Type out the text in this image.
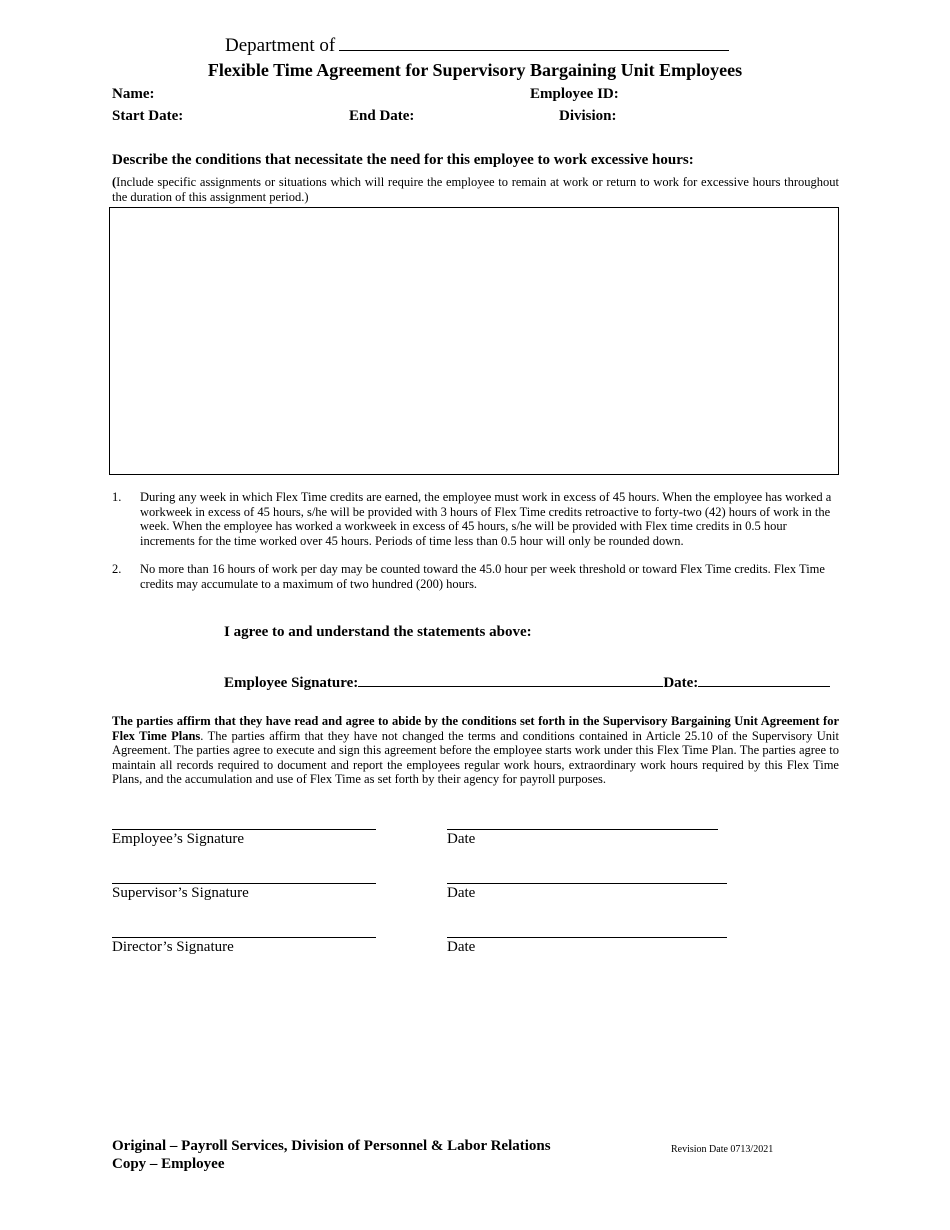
Department of
Flexible Time Agreement for Supervisory Bargaining Unit Employees
Name:	Employee ID:
Start Date:	End Date:	Division:
Describe the conditions that necessitate the need for this employee to work excessive hours:
(Include specific assignments or situations which will require the employee to remain at work or return to work for excessive hours throughout the duration of this assignment period.)
1. During any week in which Flex Time credits are earned, the employee must work in excess of 45 hours. When the employee has worked a workweek in excess of 45 hours, s/he will be provided with 3 hours of Flex Time credits retroactive to forty-two (42) hours of work in the week. When the employee has worked a workweek in excess of 45 hours, s/he will be provided with Flex time credits in 0.5 hour increments for the time worked over 45 hours. Periods of time less than 0.5 hour will only be rounded down.
2. No more than 16 hours of work per day may be counted toward the 45.0 hour per week threshold or toward Flex Time credits. Flex Time credits may accumulate to a maximum of two hundred (200) hours.
I agree to and understand the statements above:
Employee Signature:	Date:
The parties affirm that they have read and agree to abide by the conditions set forth in the Supervisory Bargaining Unit Agreement for Flex Time Plans. The parties affirm that they have not changed the terms and conditions contained in Article 25.10 of the Supervisory Unit Agreement. The parties agree to execute and sign this agreement before the employee starts work under this Flex Time Plan. The parties agree to maintain all records required to document and report the employees regular work hours, extraordinary work hours required by this Flex Time Plans, and the accumulation and use of Flex Time as set forth by their agency for payroll purposes.
Employee’s Signature	Date
Supervisor’s Signature	Date
Director’s Signature	Date
Original – Payroll Services, Division of Personnel & Labor Relations
Copy – Employee
Revision Date 0713/2021
